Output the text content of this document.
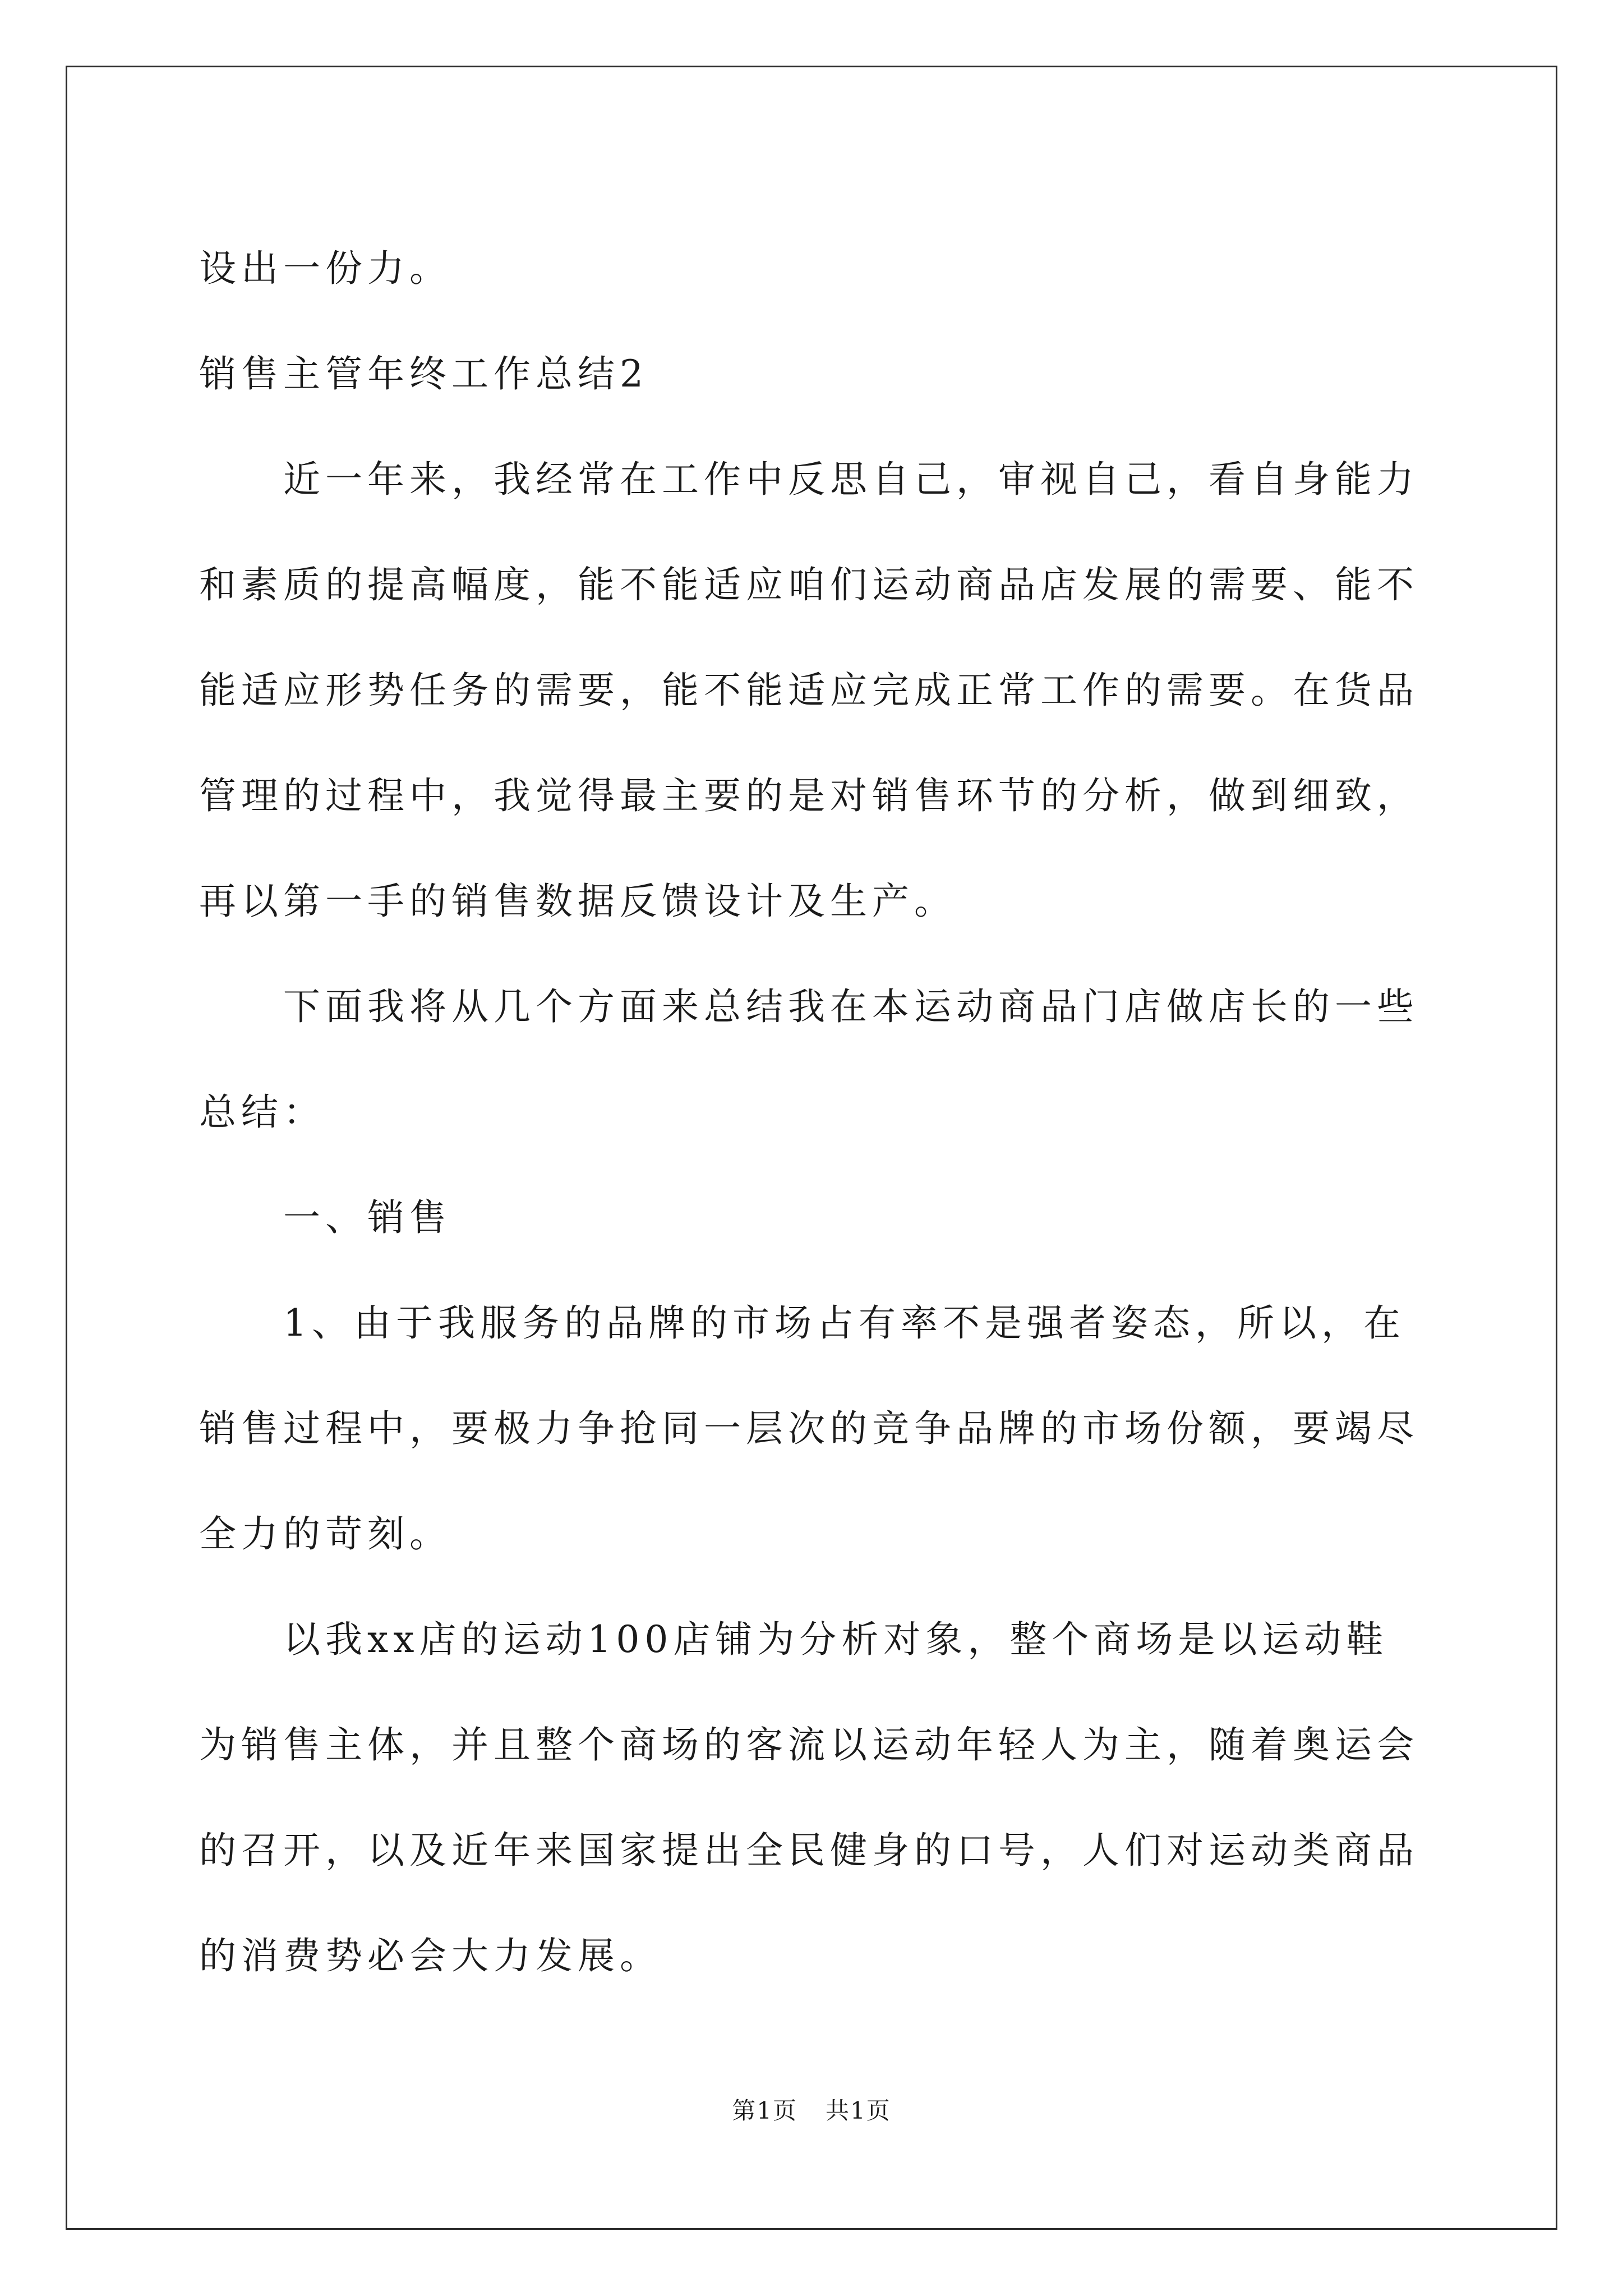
设出一份力。

销售主管年终工作总结2

近一年来，我经常在工作中反思自己，审视自己，看自身能力和素质的提高幅度，能不能适应咱们运动商品店发展的需要、能不能适应形势任务的需要，能不能适应完成正常工作的需要。在货品管理的过程中，我觉得最主要的是对销售环节的分析，做到细致，再以第一手的销售数据反馈设计及生产。

下面我将从几个方面来总结我在本运动商品门店做店长的一些总结：

一、销售

1、由于我服务的品牌的市场占有率不是强者姿态，所以，在销售过程中，要极力争抢同一层次的竞争品牌的市场份额，要竭尽全力的苛刻。

以我xx店的运动100店铺为分析对象，整个商场是以运动鞋为销售主体，并且整个商场的客流以运动年轻人为主，随着奥运会的召开，以及近年来国家提出全民健身的口号，人们对运动类商品的消费势必会大力发展。

第1页 共1页
